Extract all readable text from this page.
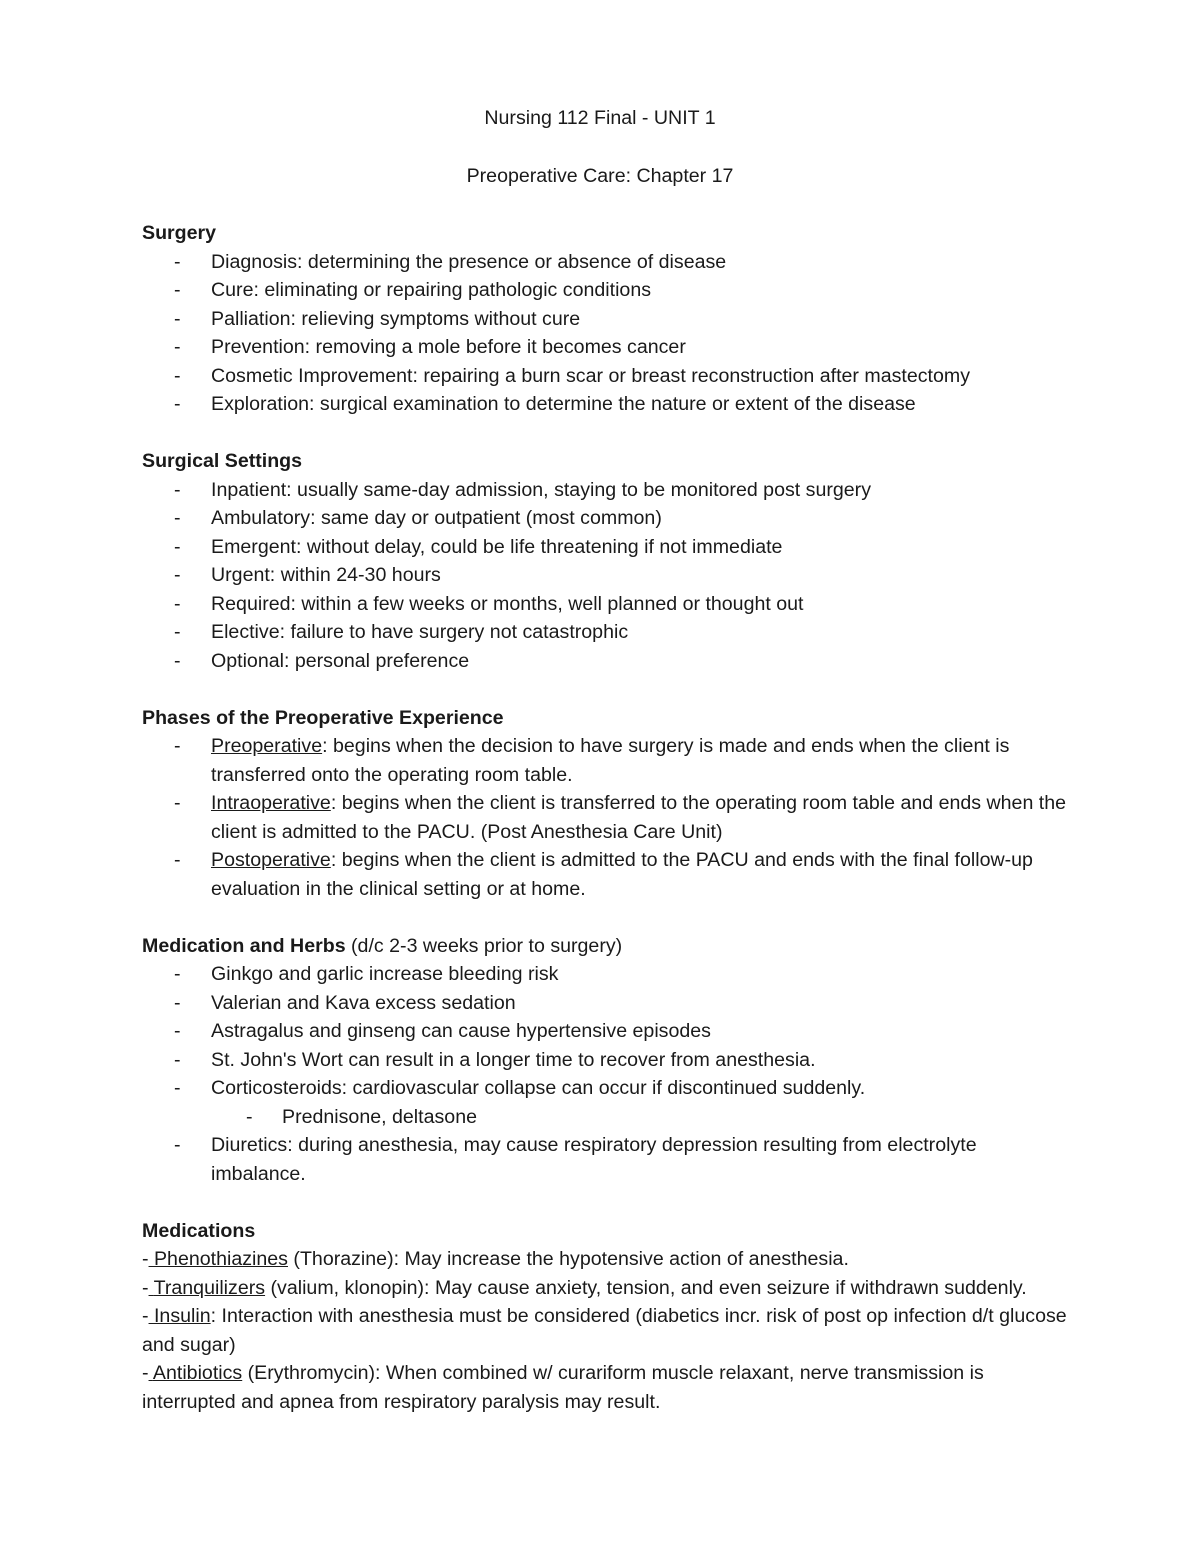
Nursing 112 Final - UNIT 1
Preoperative Care: Chapter 17
Surgery
- Diagnosis: determining the presence or absence of disease
- Cure: eliminating or repairing pathologic conditions
- Palliation: relieving symptoms without cure
- Prevention: removing a mole before it becomes cancer
- Cosmetic Improvement: repairing a burn scar or breast reconstruction after mastectomy
- Exploration: surgical examination to determine the nature or extent of the disease
Surgical Settings
- Inpatient: usually same-day admission, staying to be monitored post surgery
- Ambulatory: same day or outpatient (most common)
- Emergent: without delay, could be life threatening if not immediate
- Urgent: within 24-30 hours
- Required: within a few weeks or months, well planned or thought out
- Elective: failure to have surgery not catastrophic
- Optional: personal preference
Phases of the Preoperative Experience
- Preoperative: begins when the decision to have surgery is made and ends when the client is transferred onto the operating room table.
- Intraoperative: begins when the client is transferred to the operating room table and ends when the client is admitted to the PACU. (Post Anesthesia Care Unit)
- Postoperative: begins when the client is admitted to the PACU and ends with the final follow-up evaluation in the clinical setting or at home.
Medication and Herbs (d/c 2-3 weeks prior to surgery)
- Ginkgo and garlic increase bleeding risk
- Valerian and Kava excess sedation
- Astragalus and ginseng can cause hypertensive episodes
- St. John's Wort can result in a longer time to recover from anesthesia.
- Corticosteroids: cardiovascular collapse can occur if discontinued suddenly.
- Prednisone, deltasone
- Diuretics: during anesthesia, may cause respiratory depression resulting from electrolyte imbalance.
Medications
- Phenothiazines (Thorazine): May increase the hypotensive action of anesthesia.
- Tranquilizers (valium, klonopin): May cause anxiety, tension, and even seizure if withdrawn suddenly.
- Insulin: Interaction with anesthesia must be considered (diabetics incr. risk of post op infection d/t glucose and sugar)
- Antibiotics (Erythromycin): When combined w/ curariform muscle relaxant, nerve transmission is interrupted and apnea from respiratory paralysis may result.
